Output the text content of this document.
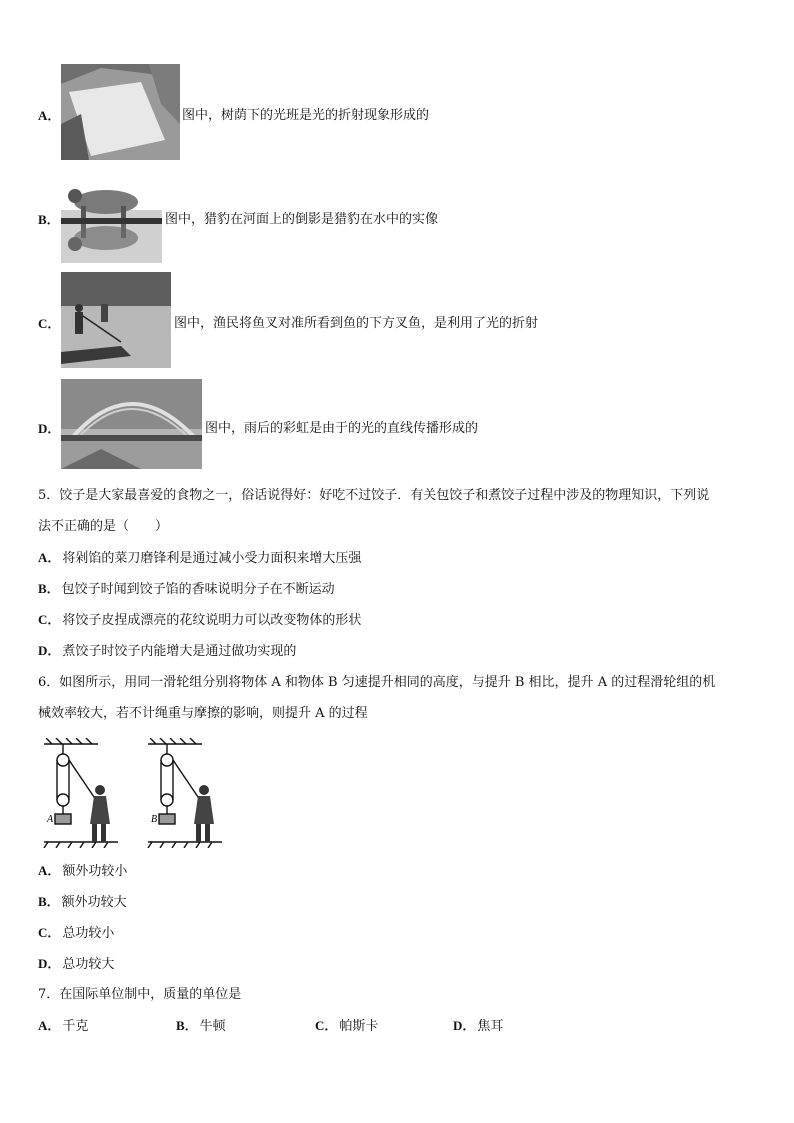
A．	图中，树荫下的光班是光的折射现象形成的
B．	图中，猎豹在河面上的倒影是猎豹在水中的实像
C．	图中，渔民将鱼叉对准所看到鱼的下方叉鱼，是利用了光的折射
D．	图中，雨后的彩虹是由于的光的直线传播形成的
5．饺子是大家最喜爱的食物之一，俗话说得好：好吃不过饺子．有关包饺子和煮饺子过程中涉及的物理知识，下列说
法不正确的是（　　）
A． 将剁馅的菜刀磨锋利是通过减小受力面积来增大压强
B． 包饺子时闻到饺子馅的香味说明分子在不断运动
C． 将饺子皮捏成漂亮的花纹说明力可以改变物体的形状
D． 煮饺子时饺子内能增大是通过做功实现的
6．如图所示，用同一滑轮组分别将物体 A 和物体 B 匀速提升相同的高度，与提升 B 相比，提升 A 的过程滑轮组的机
械效率较大，若不计绳重与摩擦的影响，则提升 A 的过程
A	B
A． 额外功较小
B． 额外功较大
C． 总功较小
D． 总功较大
7．在国际单位制中，质量的单位是
A． 千克	B． 牛顿	C． 帕斯卡	D． 焦耳
